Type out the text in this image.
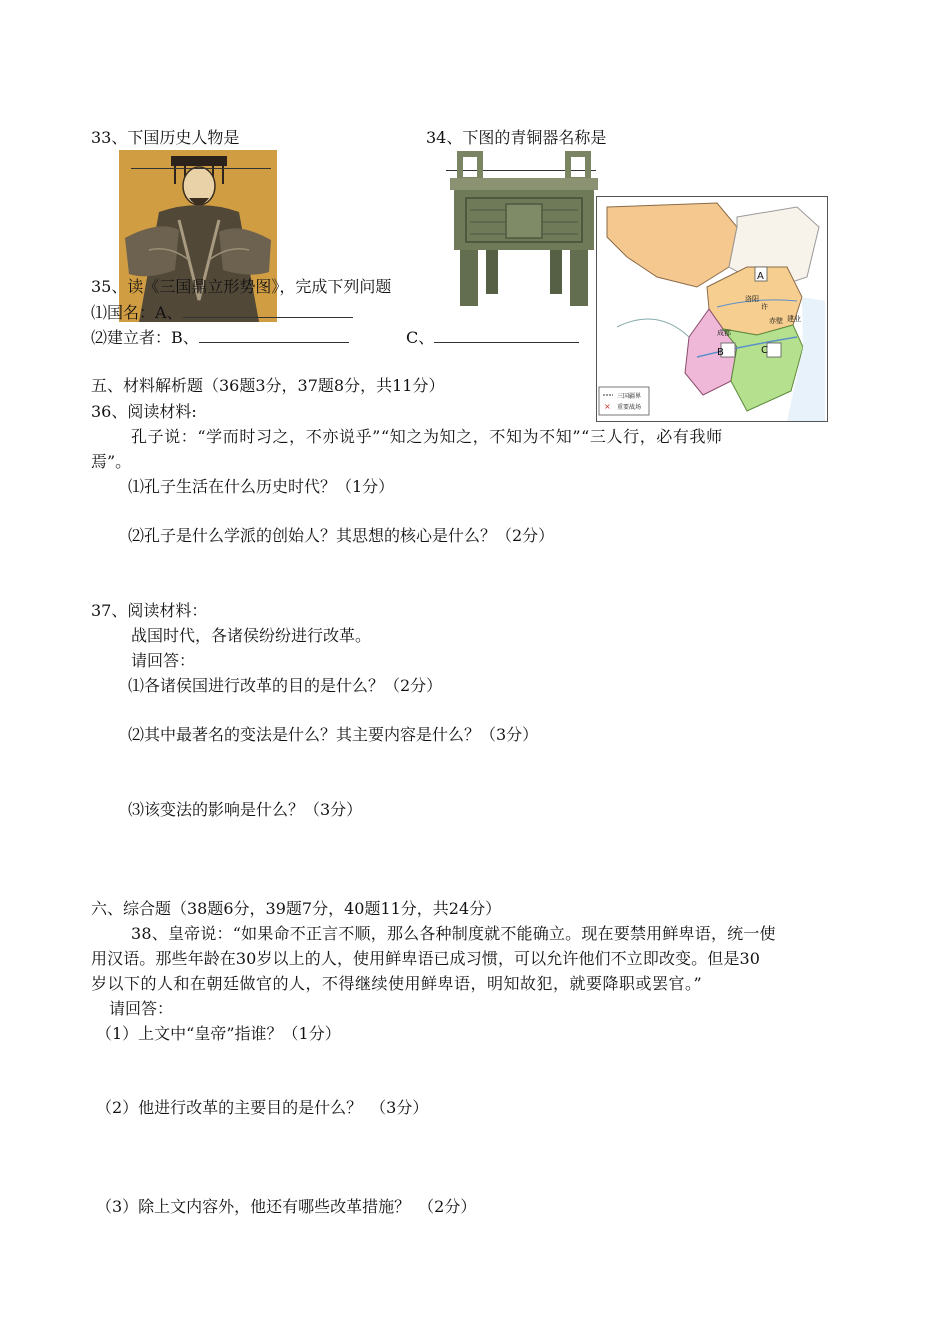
33、下国历史人物是	34、下图的青铜器名称是
A
B	C
洛阳
成都
建业
赤壁
许
三国疆界
× 重要战场
35、读《三国鼎立形势图》，完成下列问题
⑴国名：A、
⑵建立者：B、	C、
五、材料解析题（36题3分，37题8分，共11分）
36、阅读材料:
孔子说：“学而时习之，不亦说乎”“知之为知之，不知为不知”“三人行，必有我师
焉”。
⑴孔子生活在什么历史时代？（1分）
⑵孔子是什么学派的创始人？其思想的核心是什么？（2分）
37、阅读材料：
战国时代，各诸侯纷纷进行改革。
请回答：
⑴各诸侯国进行改革的目的是什么？（2分）
⑵其中最著名的变法是什么？其主要内容是什么？（3分）
⑶该变法的影响是什么？（3分）
六、综合题（38题6分，39题7分，40题11分，共24分）
38、皇帝说：“如果命不正言不顺，那么各种制度就不能确立。现在要禁用鲜卑语，统一使
用汉语。那些年龄在30岁以上的人，使用鲜卑语已成习惯，可以允许他们不立即改变。但是30
岁以下的人和在朝廷做官的人，不得继续使用鲜卑语，明知故犯，就要降职或罢官。”
请回答：
（1）上文中“皇帝”指谁？（1分）
（2）他进行改革的主要目的是什么？　（3分）
（3）除上文内容外，他还有哪些改革措施？　（2分）
